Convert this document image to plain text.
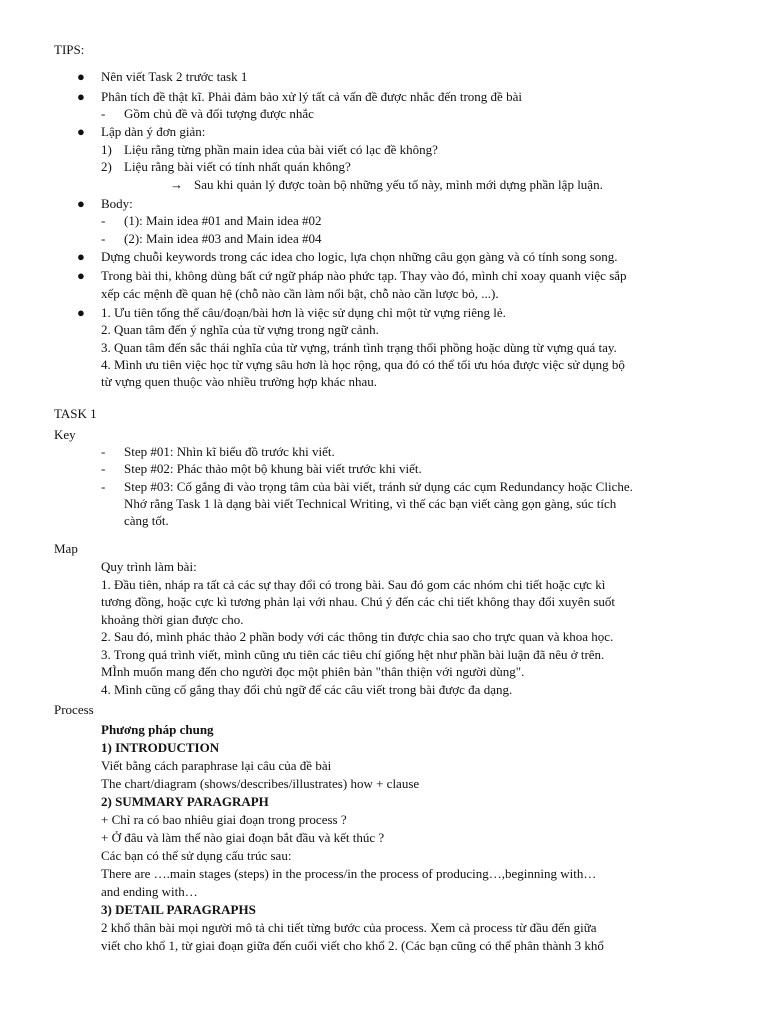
TIPS:
● Nên viết Task 2 trước task 1
● Phân tích đề thật kĩ. Phải đảm bảo xử lý tất cả vấn đề được nhắc đến trong đề bài
- Gồm chủ đề và đối tượng được nhắc
● Lập dàn ý đơn giản:
1) Liệu rằng từng phần main idea của bài viết có lạc đề không?
2) Liệu rằng bài viết có tính nhất quán không?
→ Sau khi quản lý được toàn bộ những yếu tố này, mình mới dựng phần lập luận.
● Body:
- (1): Main idea #01 and Main idea #02
- (2): Main idea #03 and Main idea #04
● Dựng chuỗi keywords trong các idea cho logic, lựa chọn những câu gọn gàng và có tính song song.
● Trong bài thi, không dùng bất cứ ngữ pháp nào phức tạp. Thay vào đó, mình chỉ xoay quanh việc sắp
xếp các mệnh đề quan hệ (chỗ nào cần làm nổi bật, chỗ nào cần lược bỏ, ...).
● 1. Ưu tiên tổng thể câu/đoạn/bài hơn là việc sử dụng chỉ một từ vựng riêng lẻ.
2. Quan tâm đến ý nghĩa của từ vựng trong ngữ cảnh.
3. Quan tâm đến sắc thái nghĩa của từ vựng, tránh tình trạng thổi phồng hoặc dùng từ vựng quá tay.
4. Mình ưu tiên việc học từ vựng sâu hơn là học rộng, qua đó có thể tối ưu hóa được việc sử dụng bộ
từ vựng quen thuộc vào nhiều trường hợp khác nhau.
TASK 1
Key
- Step #01: Nhìn kĩ biểu đồ trước khi viết.
- Step #02: Phác thảo một bộ khung bài viết trước khi viết.
- Step #03: Cố gắng đi vào trọng tâm của bài viết, tránh sử dụng các cụm Redundancy hoặc Cliche.
Nhớ rằng Task 1 là dạng bài viết Technical Writing, vì thế các bạn viết càng gọn gàng, súc tích
càng tốt.
Map
Quy trình làm bài:
1. Đầu tiên, nháp ra tất cả các sự thay đổi có trong bài. Sau đó gom các nhóm chi tiết hoặc cực kì
tương đồng, hoặc cực kì tương phản lại với nhau. Chú ý đến các chi tiết không thay đổi xuyên suốt
khoảng thời gian được cho.
2. Sau đó, mình phác thảo 2 phần body với các thông tin được chia sao cho trực quan và khoa học.
3. Trong quá trình viết, mình cũng ưu tiên các tiêu chí giống hệt như phần bài luận đã nêu ở trên.
MÌnh muốn mang đến cho người đọc một phiên bản "thân thiện với người dùng".
4. Mình cũng cố gắng thay đổi chủ ngữ để các câu viết trong bài được đa dạng.
Process
Phương pháp chung
1) INTRODUCTION
Viết bằng cách paraphrase lại câu của đề bài
The chart/diagram (shows/describes/illustrates) how + clause
2) SUMMARY PARAGRAPH
+ Chỉ ra có bao nhiêu giai đoạn trong process ?
+ Ở đâu và làm thế nào giai đoạn bắt đầu và kết thúc ?
Các bạn có thể sử dụng cấu trúc sau:
There are ….main stages (steps) in the process/in the process of producing…,beginning with…
and ending with…
3) DETAIL PARAGRAPHS
2 khổ thân bài mọi người mô tả chi tiết từng bước của process. Xem cả process từ đầu đến giữa
viết cho khổ 1, từ giai đoạn giữa đến cuối viết cho khổ 2. (Các bạn cũng có thể phân thành 3 khổ
